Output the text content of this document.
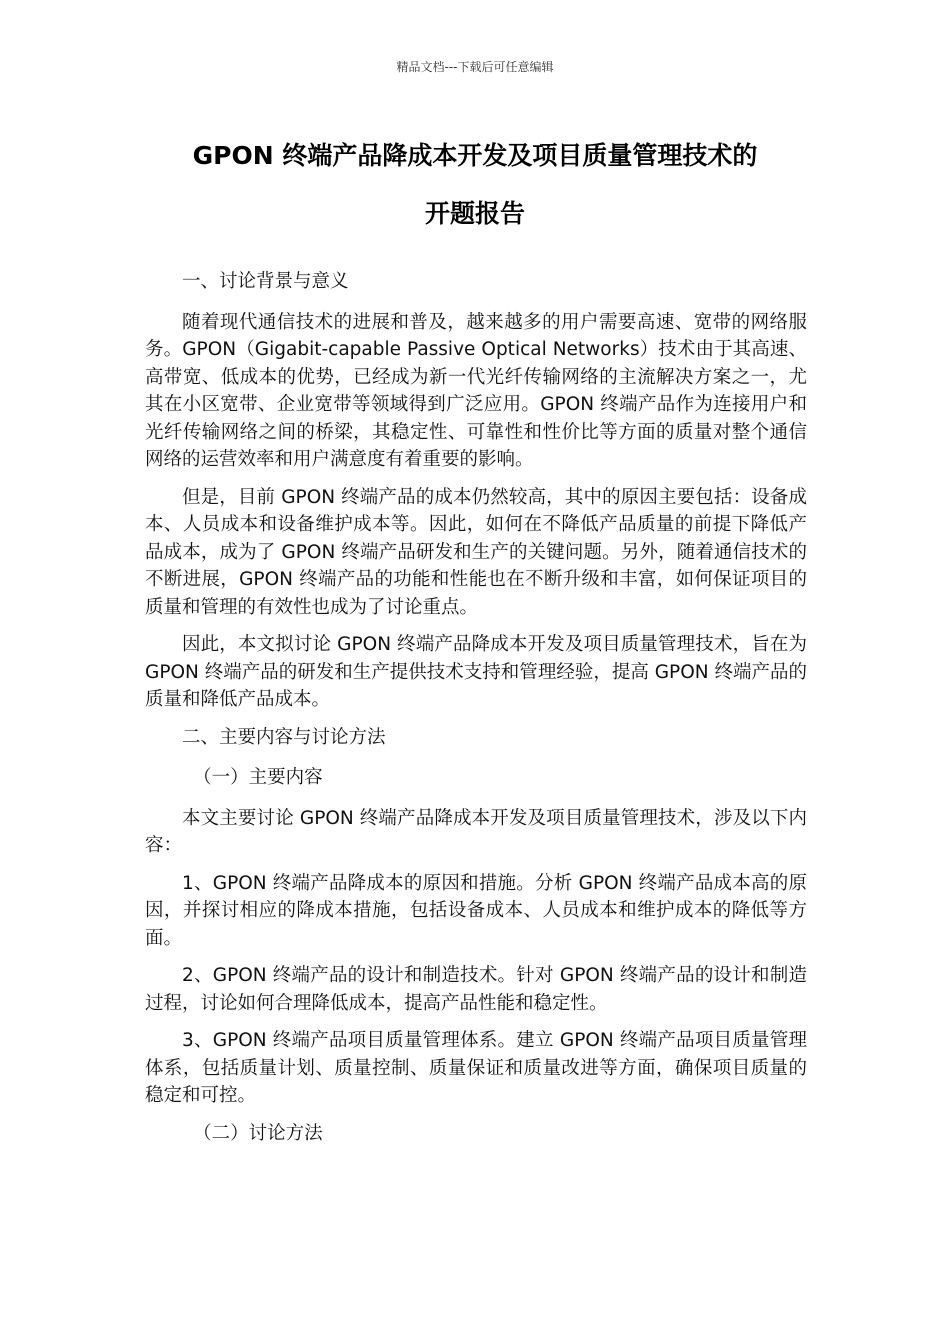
精品文档---下载后可任意编辑
GPON 终端产品降成本开发及项目质量管理技术的
开题报告

一、讨论背景与意义

随着现代通信技术的进展和普及，越来越多的用户需要高速、宽带的网络服务。GPON（Gigabit-capable Passive Optical Networks）技术由于其高速、高带宽、低成本的优势，已经成为新一代光纤传输网络的主流解决方案之一，尤其在小区宽带、企业宽带等领域得到广泛应用。GPON 终端产品作为连接用户和光纤传输网络之间的桥梁，其稳定性、可靠性和性价比等方面的质量对整个通信网络的运营效率和用户满意度有着重要的影响。

但是，目前 GPON 终端产品的成本仍然较高，其中的原因主要包括：设备成本、人员成本和设备维护成本等。因此，如何在不降低产品质量的前提下降低产品成本，成为了 GPON 终端产品研发和生产的关键问题。另外，随着通信技术的不断进展，GPON 终端产品的功能和性能也在不断升级和丰富，如何保证项目的质量和管理的有效性也成为了讨论重点。

因此，本文拟讨论 GPON 终端产品降成本开发及项目质量管理技术，旨在为 GPON 终端产品的研发和生产提供技术支持和管理经验，提高 GPON 终端产品的质量和降低产品成本。

二、主要内容与讨论方法

（一）主要内容

本文主要讨论 GPON 终端产品降成本开发及项目质量管理技术，涉及以下内容：

1、GPON 终端产品降成本的原因和措施。分析 GPON 终端产品成本高的原因，并探讨相应的降成本措施，包括设备成本、人员成本和维护成本的降低等方面。

2、GPON 终端产品的设计和制造技术。针对 GPON 终端产品的设计和制造过程，讨论如何合理降低成本，提高产品性能和稳定性。

3、GPON 终端产品项目质量管理体系。建立 GPON 终端产品项目质量管理体系，包括质量计划、质量控制、质量保证和质量改进等方面，确保项目质量的稳定和可控。

（二）讨论方法
